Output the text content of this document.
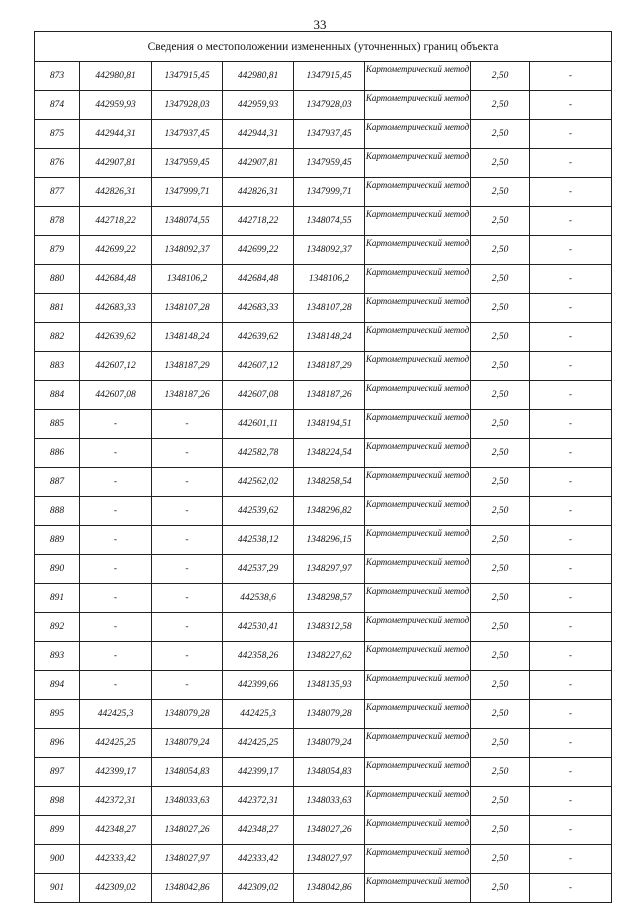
33
Сведения о местоположении измененных (уточненных) границ объекта							
873	442980,81	1347915,45	442980,81	1347915,45	Картометрический метод	2,50	-
874	442959,93	1347928,03	442959,93	1347928,03	Картометрический метод	2,50	-
875	442944,31	1347937,45	442944,31	1347937,45	Картометрический метод	2,50	-
876	442907,81	1347959,45	442907,81	1347959,45	Картометрический метод	2,50	-
877	442826,31	1347999,71	442826,31	1347999,71	Картометрический метод	2,50	-
878	442718,22	1348074,55	442718,22	1348074,55	Картометрический метод	2,50	-
879	442699,22	1348092,37	442699,22	1348092,37	Картометрический метод	2,50	-
880	442684,48	1348106,2	442684,48	1348106,2	Картометрический метод	2,50	-
881	442683,33	1348107,28	442683,33	1348107,28	Картометрический метод	2,50	-
882	442639,62	1348148,24	442639,62	1348148,24	Картометрический метод	2,50	-
883	442607,12	1348187,29	442607,12	1348187,29	Картометрический метод	2,50	-
884	442607,08	1348187,26	442607,08	1348187,26	Картометрический метод	2,50	-
885	-	-	442601,11	1348194,51	Картометрический метод	2,50	-
886	-	-	442582,78	1348224,54	Картометрический метод	2,50	-
887	-	-	442562,02	1348258,54	Картометрический метод	2,50	-
888	-	-	442539,62	1348296,82	Картометрический метод	2,50	-
889	-	-	442538,12	1348296,15	Картометрический метод	2,50	-
890	-	-	442537,29	1348297,97	Картометрический метод	2,50	-
891	-	-	442538,6	1348298,57	Картометрический метод	2,50	-
892	-	-	442530,41	1348312,58	Картометрический метод	2,50	-
893	-	-	442358,26	1348227,62	Картометрический метод	2,50	-
894	-	-	442399,66	1348135,93	Картометрический метод	2,50	-
895	442425,3	1348079,28	442425,3	1348079,28	Картометрический метод	2,50	-
896	442425,25	1348079,24	442425,25	1348079,24	Картометрический метод	2,50	-
897	442399,17	1348054,83	442399,17	1348054,83	Картометрический метод	2,50	-
898	442372,31	1348033,63	442372,31	1348033,63	Картометрический метод	2,50	-
899	442348,27	1348027,26	442348,27	1348027,26	Картометрический метод	2,50	-
900	442333,42	1348027,97	442333,42	1348027,97	Картометрический метод	2,50	-
901	442309,02	1348042,86	442309,02	1348042,86	Картометрический метод	2,50	-
